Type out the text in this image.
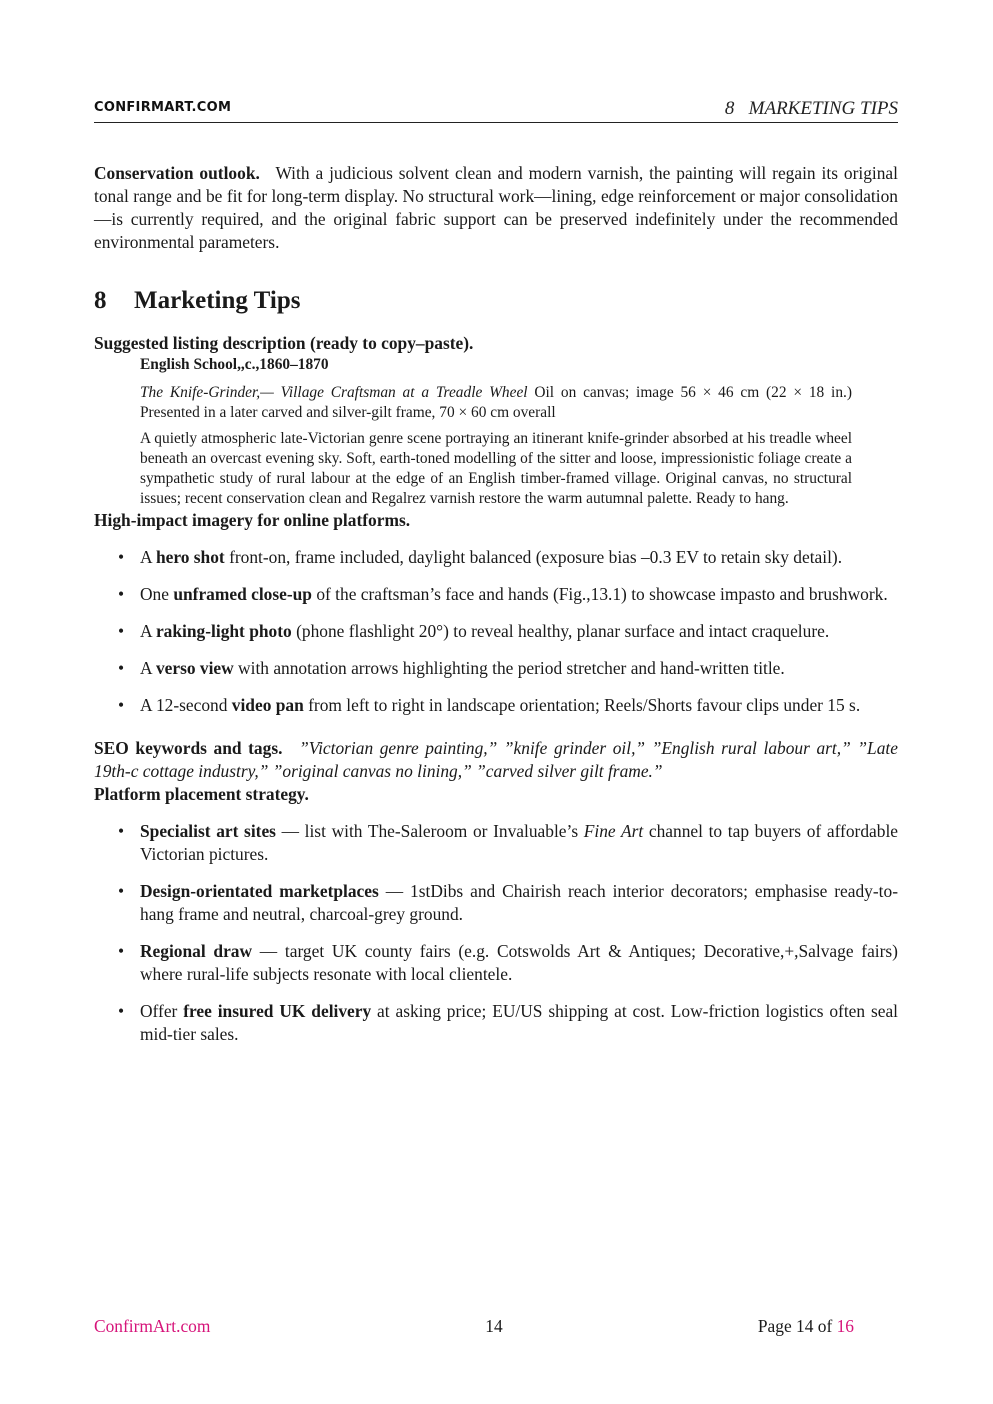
CONFIRMART.COM	8   MARKETING TIPS

Conservation outlook. With a judicious solvent clean and modern varnish, the painting will regain its original tonal range and be fit for long-term display. No structural work—lining, edge reinforcement or major consolidation—is currently required, and the original fabric support can be preserved indefinitely under the recommended environmental parameters.

8 Marketing Tips

Suggested listing description (ready to copy–paste).

English School,,c.,1860–1870
The Knife-Grinder,— Village Craftsman at a Treadle Wheel Oil on canvas; image 56 × 46 cm (22 × 18 in.) Presented in a later carved and silver-gilt frame, 70 × 60 cm overall
A quietly atmospheric late-Victorian genre scene portraying an itinerant knife-grinder absorbed at his treadle wheel beneath an overcast evening sky. Soft, earth-toned modelling of the sitter and loose, impressionistic foliage create a sympathetic study of rural labour at the edge of an English timber-framed village. Original canvas, no structural issues; recent conservation clean and Regalrez varnish restore the warm autumnal palette. Ready to hang.

High-impact imagery for online platforms.

• A hero shot front-on, frame included, daylight balanced (exposure bias –0.3 EV to retain sky detail).
• One unframed close-up of the craftsman’s face and hands (Fig.,13.1) to showcase impasto and brushwork.
• A raking-light photo (phone flashlight 20°) to reveal healthy, planar surface and intact craquelure.
• A verso view with annotation arrows highlighting the period stretcher and hand-written title.
• A 12-second video pan from left to right in landscape orientation; Reels/Shorts favour clips under 15 s.

SEO keywords and tags. ”Victorian genre painting,” ”knife grinder oil,” ”English rural labour art,” ”Late 19th-c cottage industry,” ”original canvas no lining,” ”carved silver gilt frame.”

Platform placement strategy.

• Specialist art sites — list with The-Saleroom or Invaluable’s Fine Art channel to tap buyers of affordable Victorian pictures.
• Design-orientated marketplaces — 1stDibs and Chairish reach interior decorators; emphasise ready-to-hang frame and neutral, charcoal-grey ground.
• Regional draw — target UK county fairs (e.g. Cotswolds Art & Antiques; Decorative,+,Salvage fairs) where rural-life subjects resonate with local clientele.
• Offer free insured UK delivery at asking price; EU/US shipping at cost. Low-friction logistics often seal mid-tier sales.
ConfirmArt.com	14	Page 14 of 16
